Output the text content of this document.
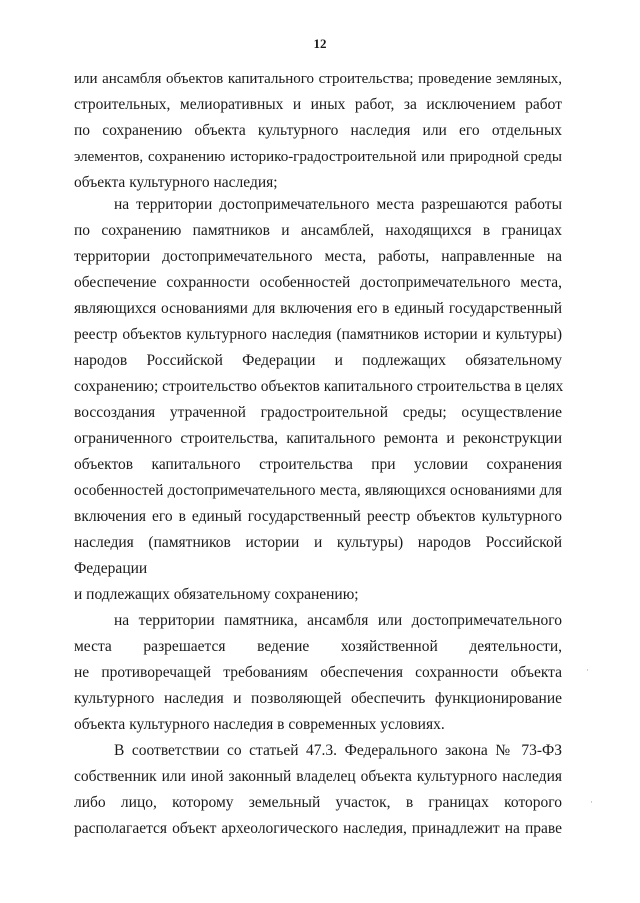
12
или ансамбля объектов капитального строительства; проведение земляных,
строительных, мелиоративных и иных работ, за исключением работ
по сохранению объекта культурного наследия или его отдельных
элементов, сохранению историко-градостроительной или природной среды
объекта культурного наследия;
на территории достопримечательного места разрешаются работы
по сохранению памятников и ансамблей, находящихся в границах
территории достопримечательного места, работы, направленные на
обеспечение сохранности особенностей достопримечательного места,
являющихся основаниями для включения его в единый государственный
реестр объектов культурного наследия (памятников истории и культуры)
народов Российской Федерации и подлежащих обязательному
сохранению; строительство объектов капитального строительства в целях
воссоздания утраченной градостроительной среды; осуществление
ограниченного строительства, капитального ремонта и реконструкции
объектов капитального строительства при условии сохранения
особенностей достопримечательного места, являющихся основаниями для
включения его в единый государственный реестр объектов культурного
наследия (памятников истории и культуры) народов Российской
Федерации
и подлежащих обязательному сохранению;
на территории памятника, ансамбля или достопримечательного
места разрешается ведение хозяйственной деятельности,
не противоречащей требованиям обеспечения сохранности объекта
культурного наследия и позволяющей обеспечить функционирование
объекта культурного наследия в современных условиях.
В соответствии со статьей 47.3. Федерального закона № 73-ФЗ
собственник или иной законный владелец объекта культурного наследия
либо лицо, которому земельный участок, в границах которого
располагается объект археологического наследия, принадлежит на праве
·
·
